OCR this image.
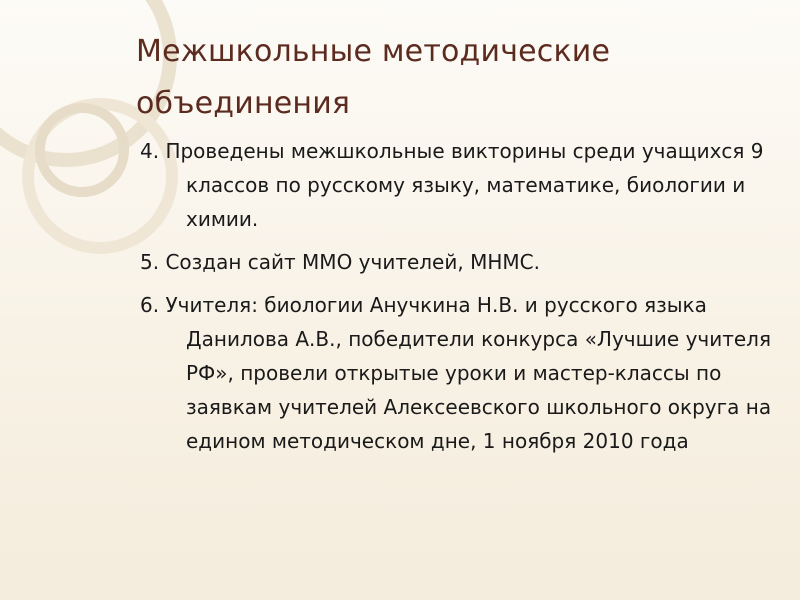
Межшкольные методические объединения
4. Проведены межшкольные викторины среди учащихся 9 классов по русскому языку, математике, биологии и химии.
5. Создан сайт ММО учителей, МНМС.
6. Учителя: биологии Анучкина Н.В. и русского языка Данилова А.В., победители конкурса «Лучшие учителя РФ», провели открытые уроки и мастер-классы по заявкам учителей Алексеевского школьного округа на едином методическом дне, 1 ноября 2010 года
